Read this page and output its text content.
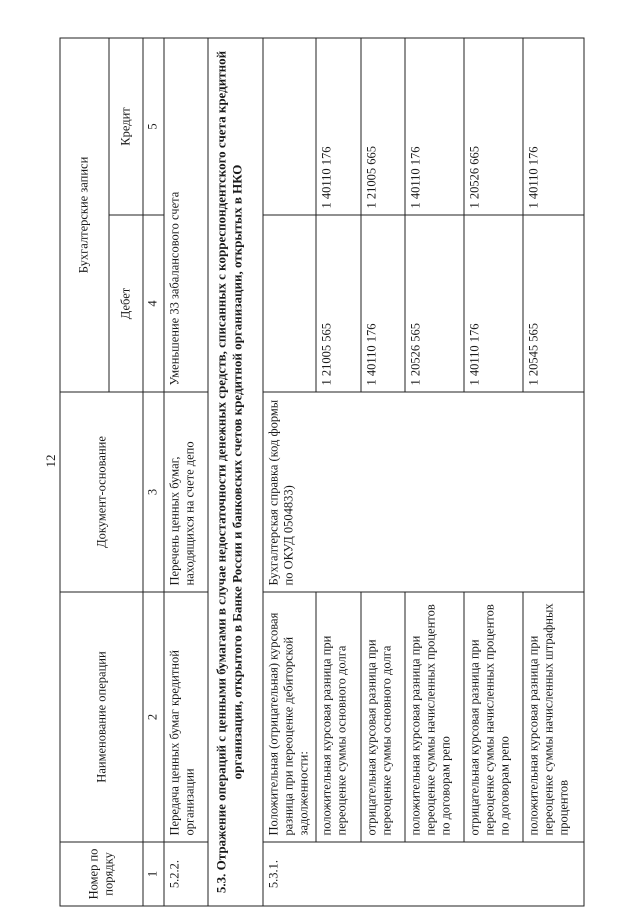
12
Номер по порядку	Наименование операции	Документ-основание	Бухгалтерские записи	
			Дебет	Кредит
1	2	3	4	5
5.2.2.	Передача ценных бумаг кредитной организации	Перечень ценных бумаг, находящихся на счете депо	Уменьшение 33 забалансового счета	
5.3. Отражение операций с ценными бумагами в случае недостаточности денежных средств, списанных с корреспондентского счета кредитной организации, открытого в Банке России и банковских счетов кредитной организации, открытых в НКО				
5.3.1.	Положительная (отрицательная) курсовая разница при переоценке дебиторской задолженности:	Бухгалтерская справка (код формы по ОКУД 0504833)		
	положительная курсовая разница при переоценке суммы основного долга		1 21005 565	1 40110 176
	отрицательная курсовая разница при переоценке суммы основного долга		1 40110 176	1 21005 665
	положительная курсовая разница при переоценке суммы начисленных процентов по договорам репо		1 20526 565	1 40110 176
	отрицательная курсовая разница при переоценке суммы начисленных процентов по договорам репо		1 40110 176	1 20526 665
	положительная курсовая разница при переоценке суммы начисленных штрафных процентов		1 20545 565	1 40110 176
